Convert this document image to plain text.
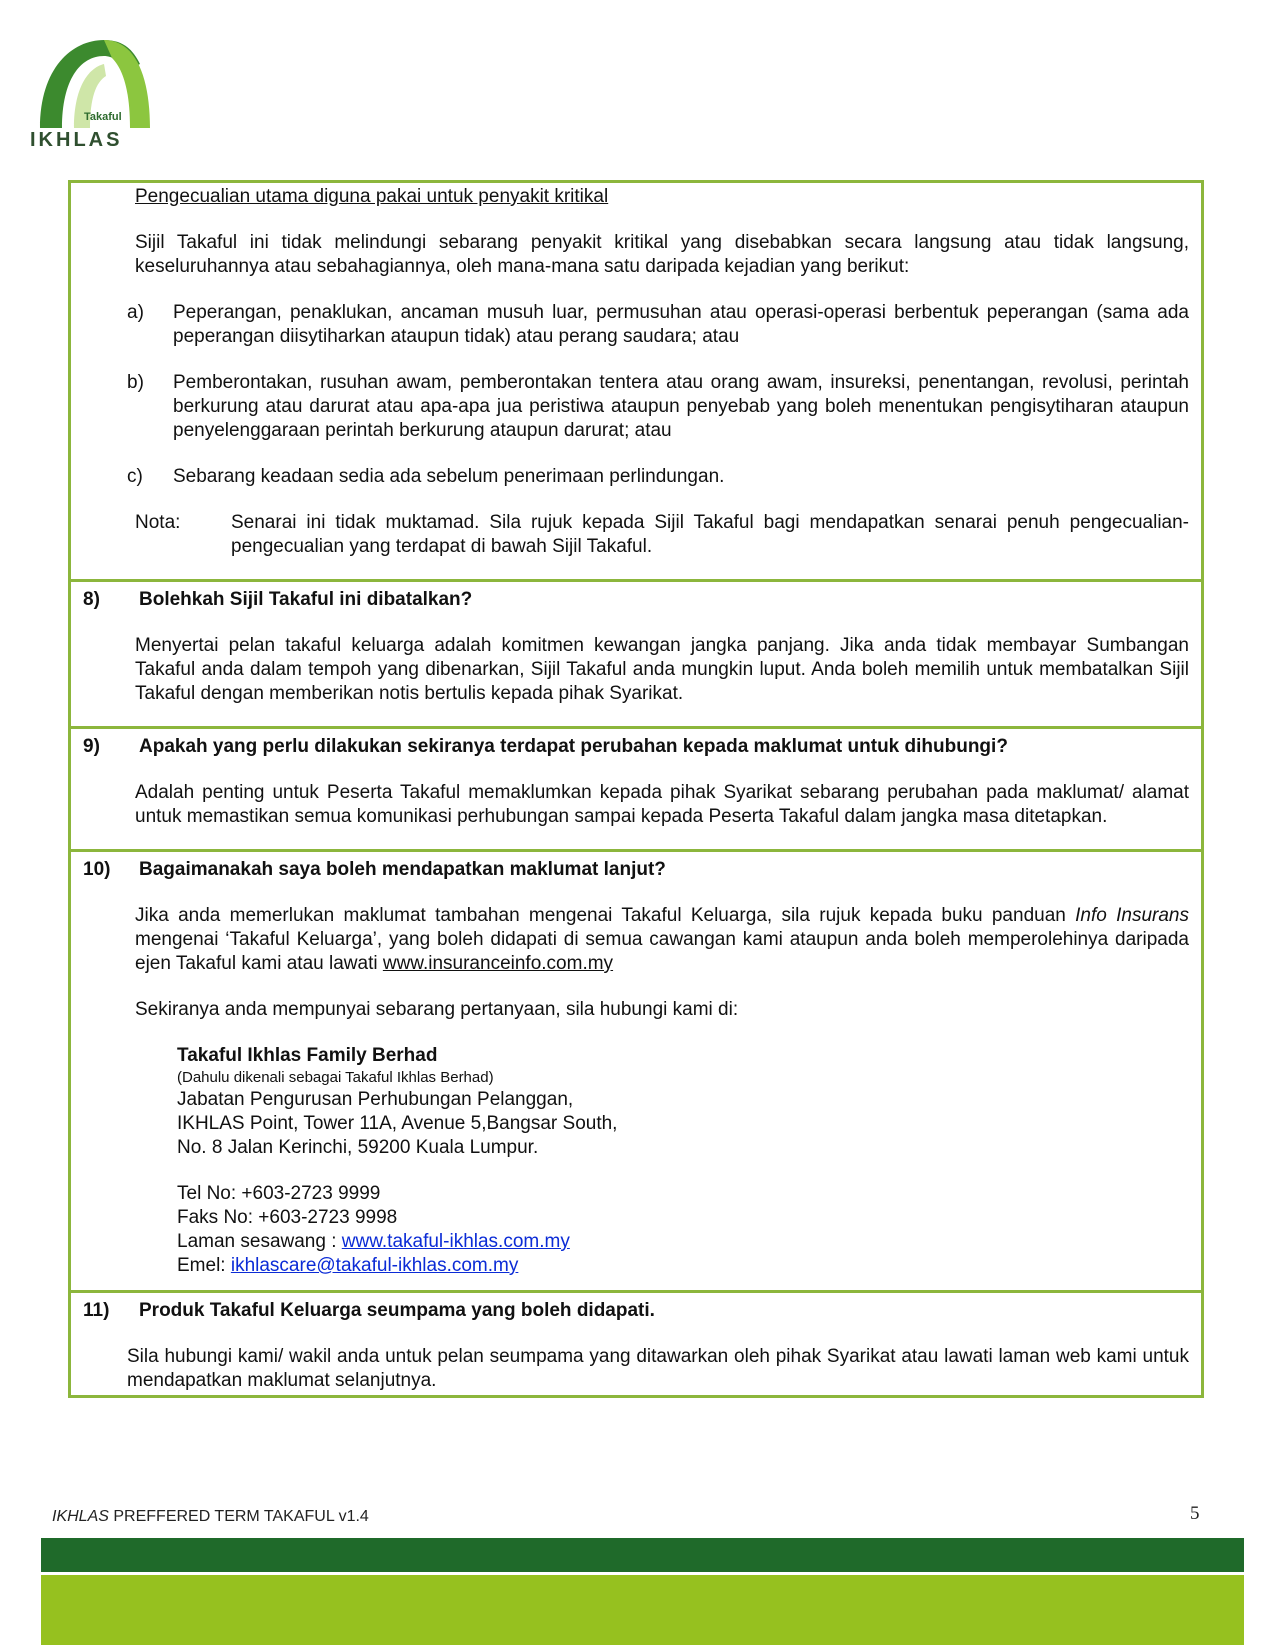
Takaful
IKHLAS

Pengecualian utama diguna pakai untuk penyakit kritikal

Sijil Takaful ini tidak melindungi sebarang penyakit kritikal yang disebabkan secara langsung atau tidak langsung, keseluruhannya atau sebahagiannya, oleh mana-mana satu daripada kejadian yang berikut:

a)	Peperangan, penaklukan, ancaman musuh luar, permusuhan atau operasi-operasi berbentuk peperangan (sama ada peperangan diisytiharkan ataupun tidak) atau perang saudara; atau

b)	Pemberontakan, rusuhan awam, pemberontakan tentera atau orang awam, insureksi, penentangan, revolusi, perintah berkurung atau darurat atau apa-apa jua peristiwa ataupun penyebab yang boleh menentukan pengisytiharan ataupun penyelenggaraan perintah berkurung ataupun darurat; atau

c)	Sebarang keadaan sedia ada sebelum penerimaan perlindungan.

Nota:	Senarai ini tidak muktamad. Sila rujuk kepada Sijil Takaful bagi mendapatkan senarai penuh pengecualian-pengecualian yang terdapat di bawah Sijil Takaful.

8)	Bolehkah Sijil Takaful ini dibatalkan?

Menyertai pelan takaful keluarga adalah komitmen kewangan jangka panjang. Jika anda tidak membayar Sumbangan Takaful anda dalam tempoh yang dibenarkan, Sijil Takaful anda mungkin luput. Anda boleh memilih untuk membatalkan Sijil Takaful dengan memberikan notis bertulis kepada pihak Syarikat.

9)	Apakah yang perlu dilakukan sekiranya terdapat perubahan kepada maklumat untuk dihubungi?

Adalah penting untuk Peserta Takaful memaklumkan kepada pihak Syarikat sebarang perubahan pada maklumat/ alamat untuk memastikan semua komunikasi perhubungan sampai kepada Peserta Takaful dalam jangka masa ditetapkan.

10)	Bagaimanakah saya boleh mendapatkan maklumat lanjut?

Jika anda memerlukan maklumat tambahan mengenai Takaful Keluarga, sila rujuk kepada buku panduan Info Insurans mengenai ‘Takaful Keluarga’, yang boleh didapati di semua cawangan kami ataupun anda boleh memperolehinya daripada ejen Takaful kami atau lawati www.insuranceinfo.com.my

Sekiranya anda mempunyai sebarang pertanyaan, sila hubungi kami di:

Takaful Ikhlas Family Berhad
(Dahulu dikenali sebagai Takaful Ikhlas Berhad)
Jabatan Pengurusan Perhubungan Pelanggan,
IKHLAS Point, Tower 11A, Avenue 5,Bangsar South,
No. 8 Jalan Kerinchi, 59200 Kuala Lumpur.
Tel No: +603-2723 9999
Faks No: +603-2723 9998
Laman sesawang : www.takaful-ikhlas.com.my
Emel: ikhlascare@takaful-ikhlas.com.my
11)	Produk Takaful Keluarga seumpama yang boleh didapati.

Sila hubungi kami/ wakil anda untuk pelan seumpama yang ditawarkan oleh pihak Syarikat atau lawati laman web kami untuk mendapatkan maklumat selanjutnya.

IKHLAS PREFFERED TERM TAKAFUL v1.4	5
